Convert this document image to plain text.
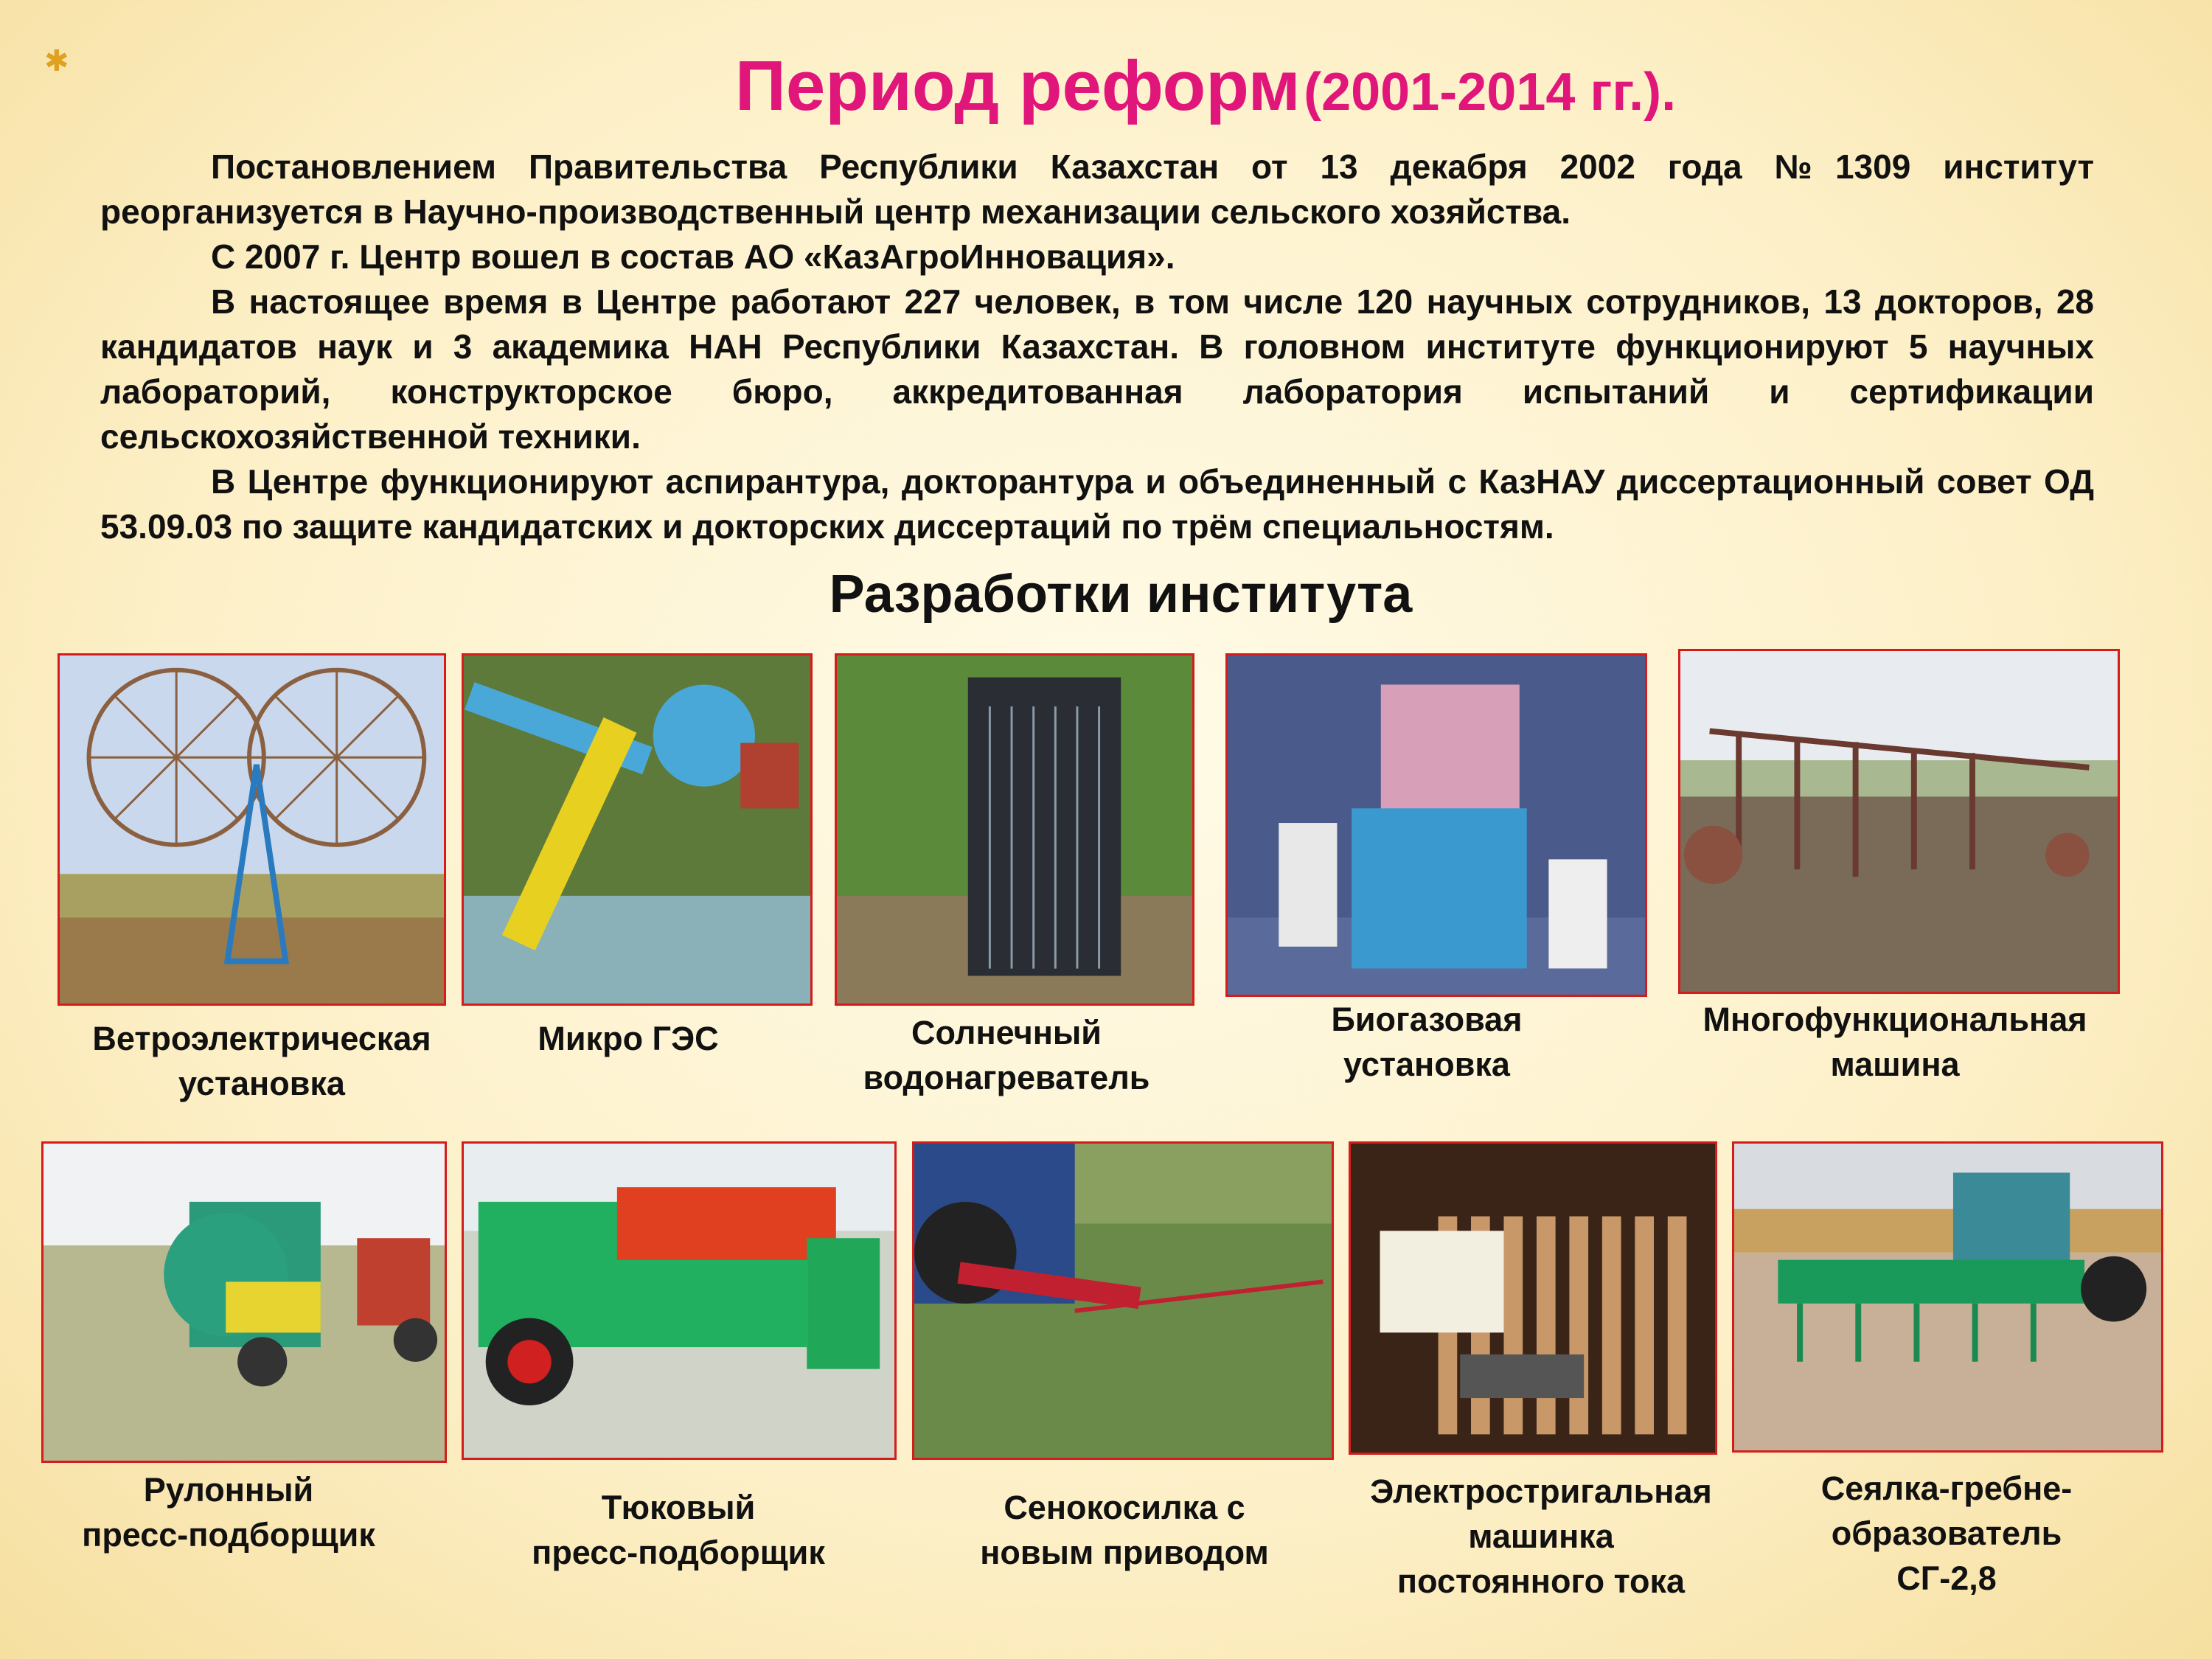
✱	Период реформ (2001-2014 гг.).

Постановлением Правительства Республики Казахстан от 13 декабря 2002 года №1309 институт реорганизуется в Научно-производственный центр механизации сельского хозяйства.

С 2007 г. Центр вошел в состав АО «КазАгроИнновация».

В настоящее время в Центре работают 227 человек, в том числе 120 научных сотрудников, 13 докторов, 28 кандидатов наук и 3 академика НАН Республики Казахстан. В головном институте функционируют 5 научных лабораторий, конструкторское бюро, аккредитованная лаборатория испытаний и сертификации сельскохозяйственной техники.

В Центре функционируют аспирантура, докторантура и объединенный с КазНАУ диссертационный совет ОД 53.09.03 по защите кандидатских и докторских диссертаций по трём специальностям.

Разработки института
Ветроэлектрическая
установка
Микро ГЭС	Солнечный
водонагреватель
Биогазовая
установка
Многофункциональная
машина
Рулонный
пресс-подборщик
Тюковый
пресс-подборщик
Сенокосилка с
новым приводом
Электростригальная
машинка
постоянного тока
Сеялка-гребне-
образователь
СГ-2,8
